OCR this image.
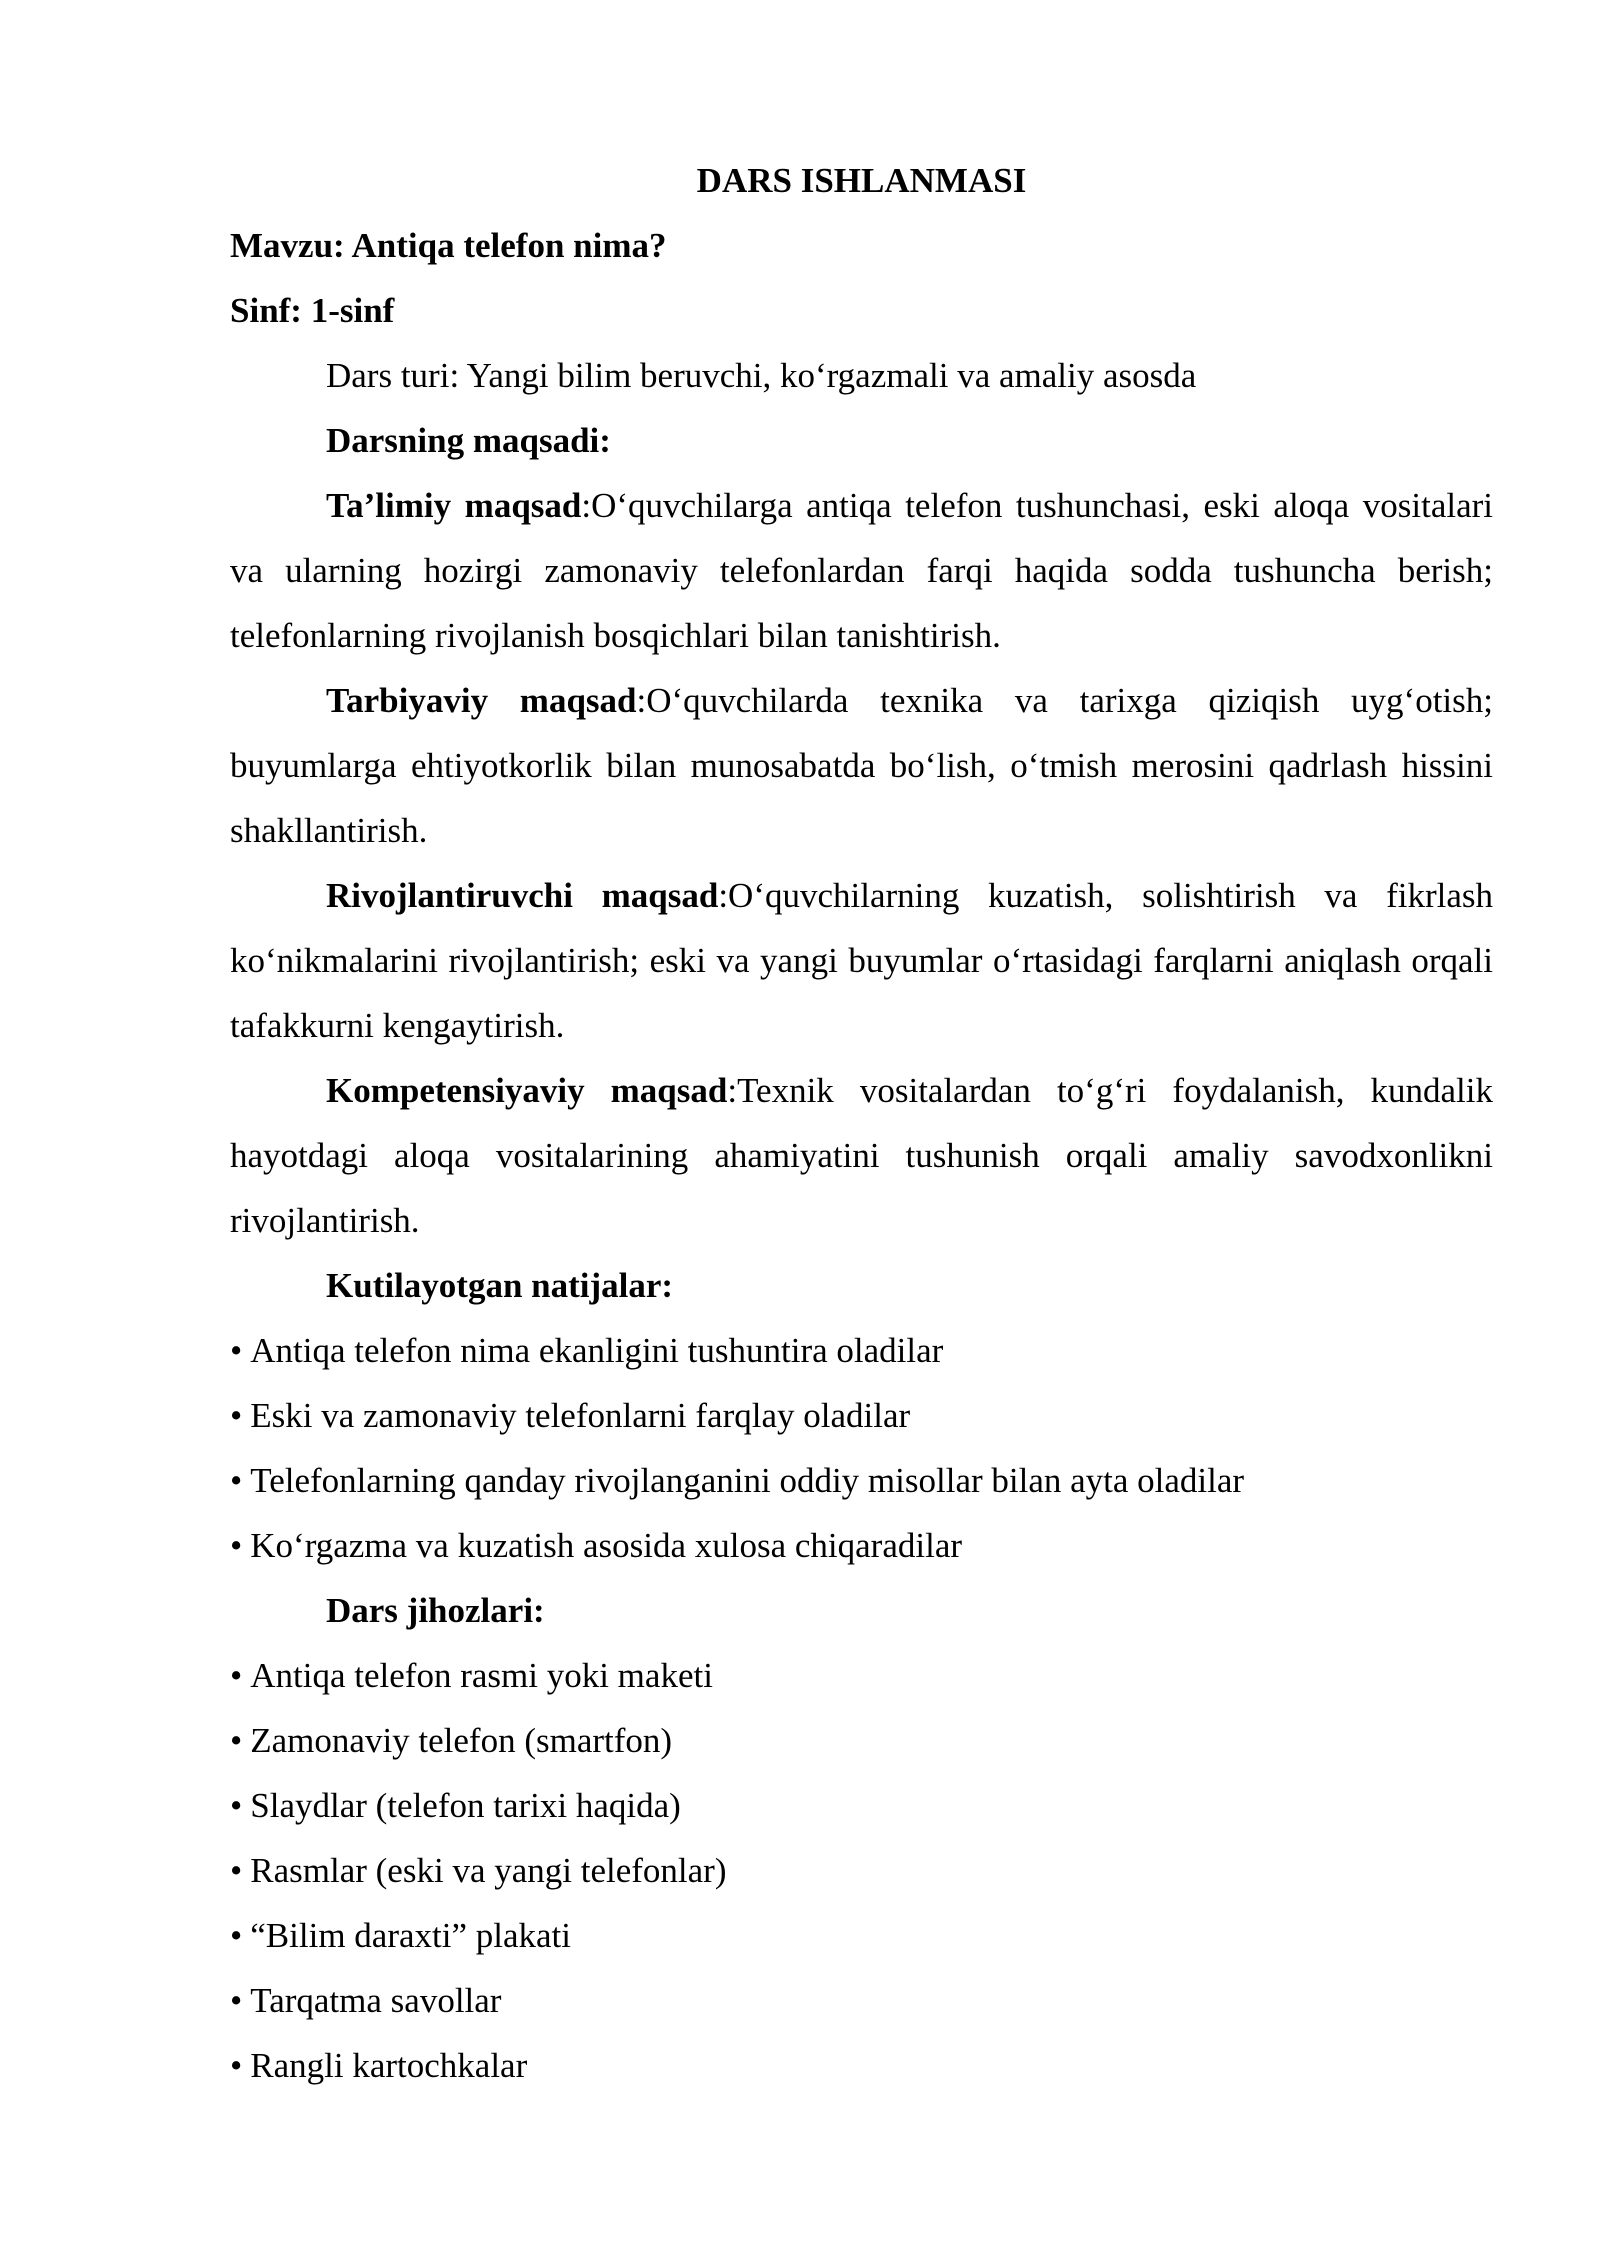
DARS ISHLANMASI

Mavzu: Antiqa telefon nima?

Sinf: 1-sinf

Dars turi: Yangi bilim beruvchi, ko‘rgazmali va amaliy asosda

Darsning maqsadi:

Ta’limiy maqsad:O‘quvchilarga antiqa telefon tushunchasi, eski aloqa vositalari va ularning hozirgi zamonaviy telefonlardan farqi haqida sodda tushuncha berish; telefonlarning rivojlanish bosqichlari bilan tanishtirish.

Tarbiyaviy maqsad:O‘quvchilarda texnika va tarixga qiziqish uyg‘otish; buyumlarga ehtiyotkorlik bilan munosabatda bo‘lish, o‘tmish merosini qadrlash hissini shakllantirish.

Rivojlantiruvchi maqsad:O‘quvchilarning kuzatish, solishtirish va fikrlash ko‘nikmalarini rivojlantirish; eski va yangi buyumlar o‘rtasidagi farqlarni aniqlash orqali tafakkurni kengaytirish.

Kompetensiyaviy maqsad:Texnik vositalardan to‘g‘ri foydalanish, kundalik hayotdagi aloqa vositalarining ahamiyatini tushunish orqali amaliy savodxonlikni rivojlantirish.

Kutilayotgan natijalar:

• Antiqa telefon nima ekanligini tushuntira oladilar
• Eski va zamonaviy telefonlarni farqlay oladilar
• Telefonlarning qanday rivojlanganini oddiy misollar bilan ayta oladilar
• Ko‘rgazma va kuzatish asosida xulosa chiqaradilar

Dars jihozlari:

• Antiqa telefon rasmi yoki maketi
• Zamonaviy telefon (smartfon)
• Slaydlar (telefon tarixi haqida)
• Rasmlar (eski va yangi telefonlar)
• “Bilim daraxti” plakati
• Tarqatma savollar
• Rangli kartochkalar
